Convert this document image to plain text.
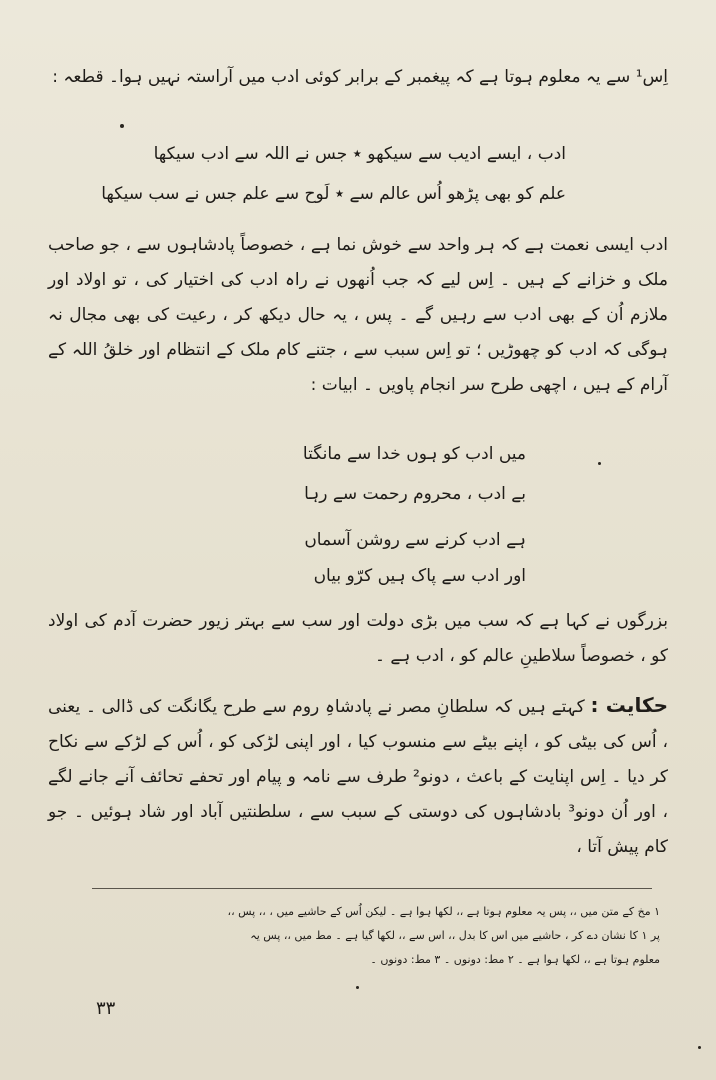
اِس¹ سے یہ معلوم ہوتا ہے کہ پیغمبر کے برابر کوئی ادب میں آراستہ نہیں ہوا۔ قطعہ :

ادب ، ایسے ادیب سے سیکھو ٭ جس نے اللہ سے ادب سیکھا

علم کو بھی پڑھو اُس عالم سے ٭ لَوح سے علم جس نے سب سیکھا

ادب ایسی نعمت ہے کہ ہر واحد سے خوش نما ہے ، خصوصاً پادشاہوں سے ، جو صاحب ملک و خزانے کے ہیں ۔ اِس لیے کہ جب اُنھوں نے راہ ادب کی اختیار کی ، تو اولاد اور ملازم اُن کے بھی ادب سے رہیں گے ۔ پس ، یہ حال دیکھ کر ، رعیت کی بھی مجال نہ ہوگی کہ ادب کو چھوڑیں ؛ تو اِس سبب سے ، جتنے کام ملک کے انتظام اور خلقُ اللہ کے آرام کے ہیں ، اچھی طرح سر انجام پاویں ۔ ابیات :

میں ادب کو ہوں خدا سے مانگتا

بے ادب ، محروم رحمت سے رہا

ہے ادب کرنے سے روشن آسماں

اور ادب سے پاک ہیں کرّو بیاں

بزرگوں نے کہا ہے کہ سب میں بڑی دولت اور سب سے بہتر زیور حضرت آدم کی اولاد کو ، خصوصاً سلاطینِ عالم کو ، ادب ہے ۔

حکایت : کہتے ہیں کہ سلطانِ مصر نے پادشاہِ روم سے طرح یگانگت کی ڈالی ۔ یعنی ، اُس کی بیٹی کو ، اپنے بیٹے سے منسوب کیا ، اور اپنی لڑکی کو ، اُس کے لڑکے سے نکاح کر دیا ۔ اِس اپنایت کے باعث ، دونو² طرف سے نامہ و پیام اور تحفے تحائف آنے جانے لگے ، اور اُن دونو³ بادشاہوں کی دوستی کے سبب سے ، سلطنتیں آباد اور شاد ہوئیں ۔ جو کام پیش آتا ،

۱ مخ کے متن میں ،، پس یہ معلوم ہوتا ہے ،، لکھا ہوا ہے ۔ لیکن اُس کے حاشیے میں ، ،، پس ،،

پر ۱ کا نشان دے کر ، حاشیے میں اس کا بدل ،، اس سے ،، لکھا گیا ہے ۔ مط میں ،، پس یہ

معلوم ہوتا ہے ،، لکھا ہوا ہے ۔ ۲ مط: دونوں ۔ ۳ مط: دونوں ۔

۳۳
